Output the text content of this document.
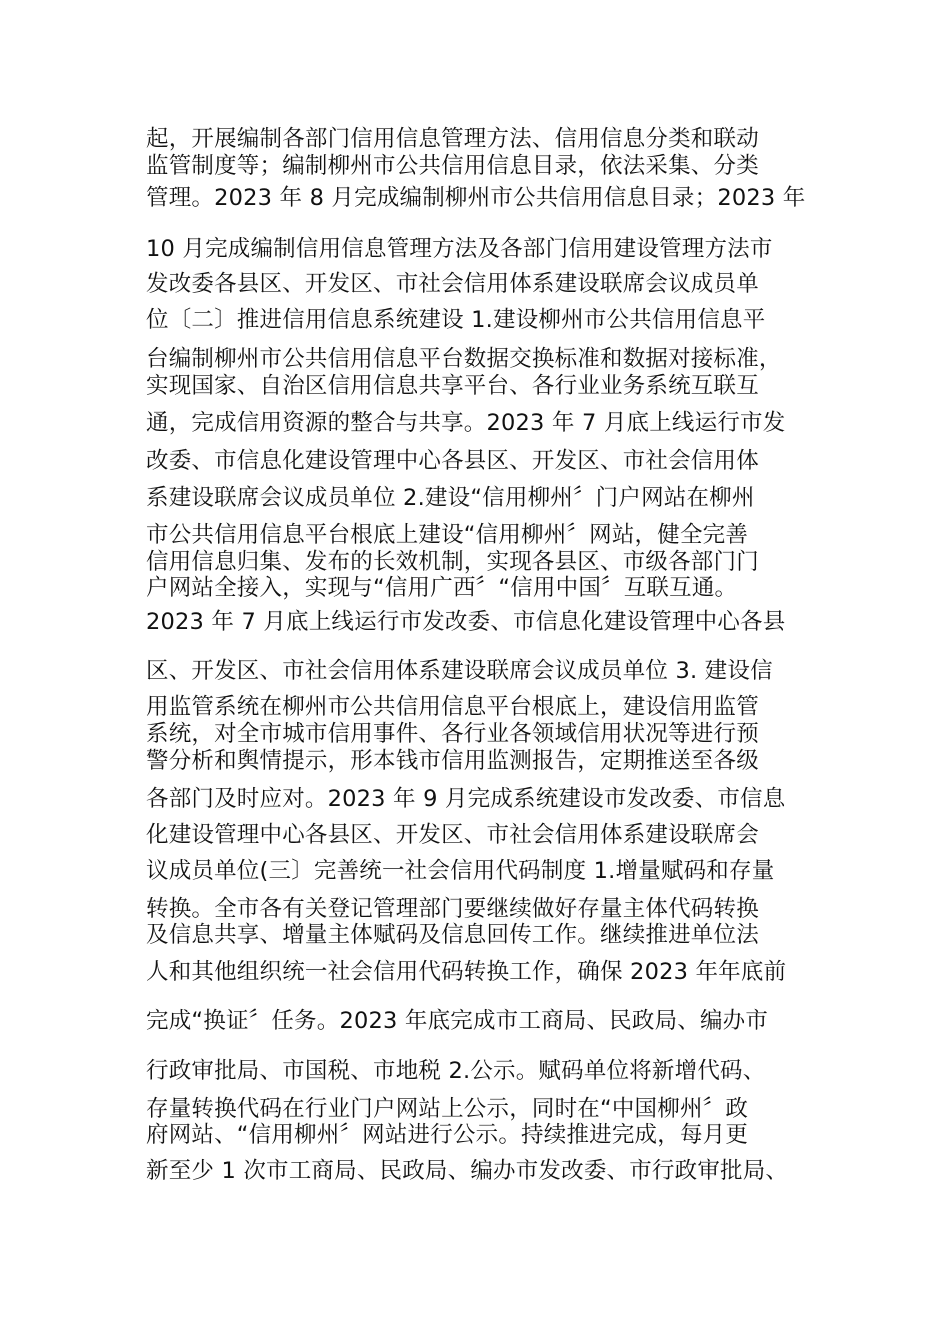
起，开展编制各部门信用信息管理方法、信用信息分类和联动
监管制度等；编制柳州市公共信用信息目录，依法采集、分类
管理。2023 年 8 月完成编制柳州市公共信用信息目录；2023 年
10 月完成编制信用信息管理方法及各部门信用建设管理方法市
发改委各县区、开发区、市社会信用体系建设联席会议成员单
位〔二〕推进信用信息系统建设 1.建设柳州市公共信用信息平
台编制柳州市公共信用信息平台数据交换标准和数据对接标准，
实现国家、自治区信用信息共享平台、各行业业务系统互联互
通，完成信用资源的整合与共享。2023 年 7 月底上线运行市发
改委、市信息化建设管理中心各县区、开发区、市社会信用体
系建设联席会议成员单位 2.建设“信用柳州〞门户网站在柳州
市公共信用信息平台根底上建设“信用柳州〞网站，健全完善
信用信息归集、发布的长效机制，实现各县区、市级各部门门
户网站全接入，实现与“信用广西〞“信用中国〞互联互通。
2023 年 7 月底上线运行市发改委、市信息化建设管理中心各县
区、开发区、市社会信用体系建设联席会议成员单位 3. 建设信
用监管系统在柳州市公共信用信息平台根底上，建设信用监管
系统，对全市城市信用事件、各行业各领域信用状况等进行预
警分析和舆情提示，形本钱市信用监测报告，定期推送至各级
各部门及时应对。2023 年 9 月完成系统建设市发改委、市信息
化建设管理中心各县区、开发区、市社会信用体系建设联席会
议成员单位(三〕完善统一社会信用代码制度 1.增量赋码和存量
转换。全市各有关登记管理部门要继续做好存量主体代码转换
及信息共享、增量主体赋码及信息回传工作。继续推进单位法
人和其他组织统一社会信用代码转换工作，确保 2023 年年底前
完成“换证〞任务。2023 年底完成市工商局、民政局、编办市
行政审批局、市国税、市地税 2.公示。赋码单位将新增代码、
存量转换代码在行业门户网站上公示，同时在“中国柳州〞政
府网站、“信用柳州〞网站进行公示。持续推进完成，每月更
新至少 1 次市工商局、民政局、编办市发改委、市行政审批局、
